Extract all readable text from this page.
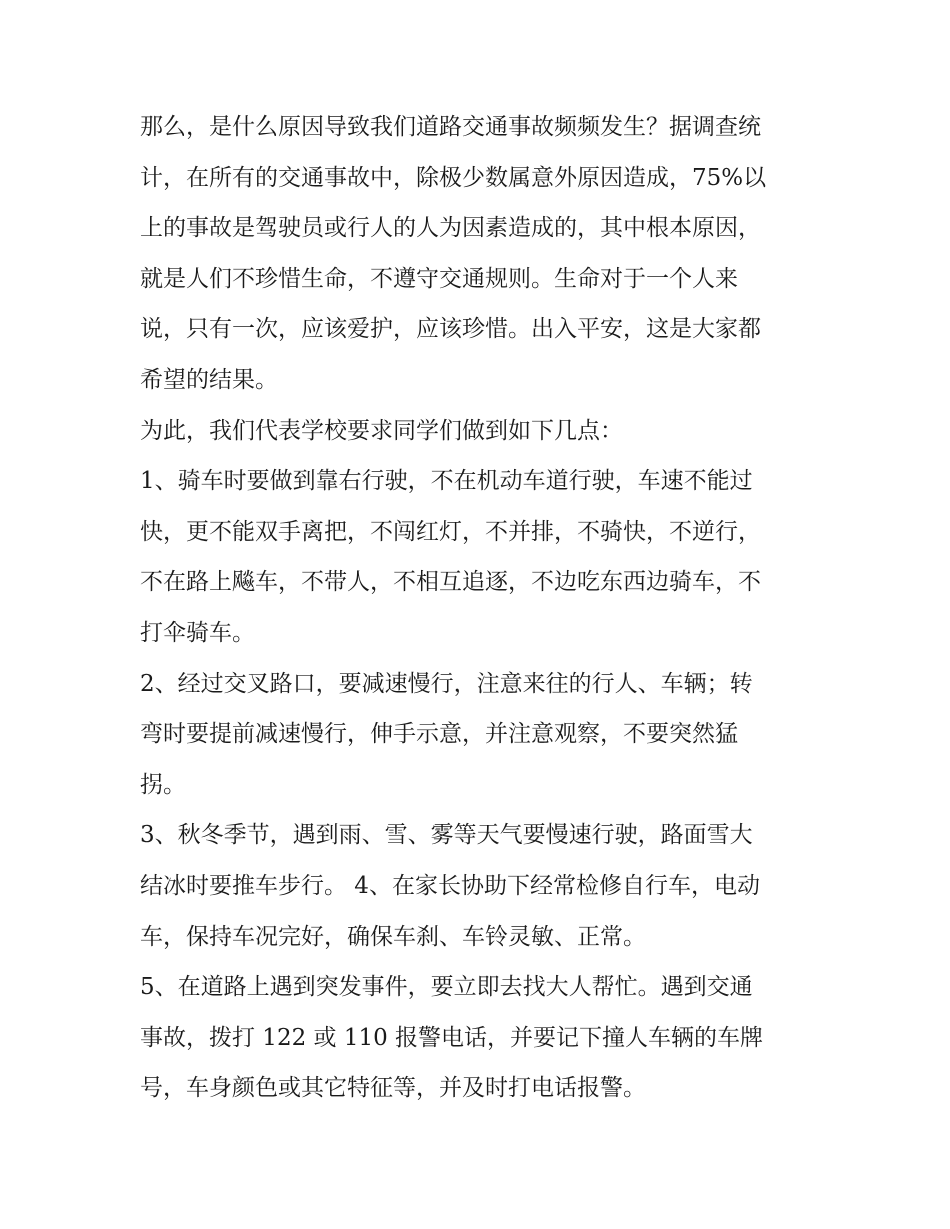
那么，是什么原因导致我们道路交通事故频频发生？据调查统
计，在所有的交通事故中，除极少数属意外原因造成，75%以
上的事故是驾驶员或行人的人为因素造成的，其中根本原因，
就是人们不珍惜生命，不遵守交通规则。生命对于一个人来
说，只有一次，应该爱护，应该珍惜。出入平安，这是大家都
希望的结果。
为此，我们代表学校要求同学们做到如下几点：
1、骑车时要做到靠右行驶，不在机动车道行驶，车速不能过
快，更不能双手离把，不闯红灯，不并排，不骑快，不逆行，
不在路上飚车，不带人，不相互追逐，不边吃东西边骑车，不
打伞骑车。
2、经过交叉路口，要减速慢行，注意来往的行人、车辆；转
弯时要提前减速慢行，伸手示意，并注意观察，不要突然猛
拐。
3、秋冬季节，遇到雨、雪、雾等天气要慢速行驶，路面雪大
结冰时要推车步行。 4、在家长协助下经常检修自行车，电动
车，保持车况完好，确保车刹、车铃灵敏、正常。
5、在道路上遇到突发事件，要立即去找大人帮忙。遇到交通
事故，拨打 122 或 110 报警电话，并要记下撞人车辆的车牌
号，车身颜色或其它特征等，并及时打电话报警。
